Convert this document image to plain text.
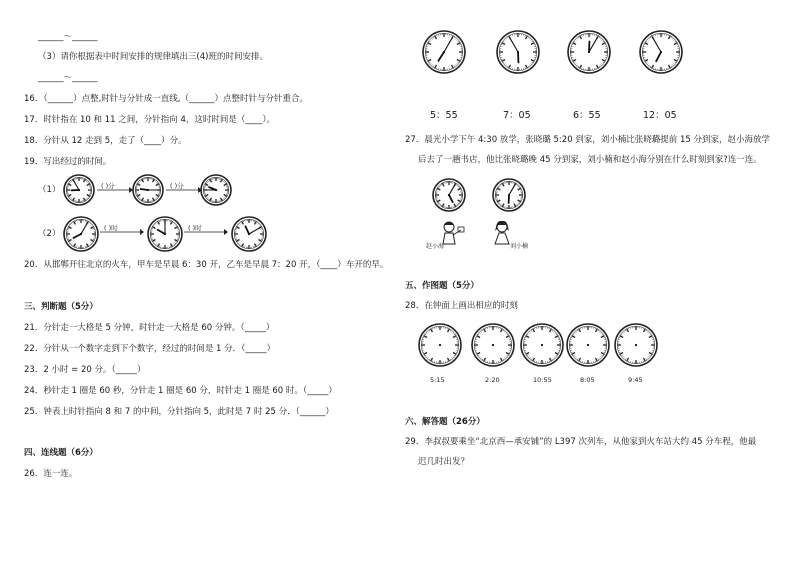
______～______
（3）请你根据表中时间安排的规律填出三(4)班的时间安排。
______～______
16．（______）点整,时针与分针成一直线,（______）点整时针与分针重合。
17．时针指在 10 和 11 之间，分针指向 4，这时时间是（____）。
18．分针从 12 走到 5，走了（____）分。
19．写出经过的时间。
（1）	( )分	( )分
（2）
( )时	( )时
20．从邯郸开往北京的火车，甲车是早晨 6：30 开，乙车是早晨 7：20 开，（____）车开的早。
三、判断题（5分）
21．分针走一大格是 5 分钟，时针走一大格是 60 分钟。（_____）
22．分针从一个数字走到下个数字，经过的时间是 1 分．（_____）
23．2 小时 = 20 分。（_____）
24．秒针走 1 圈是 60 秒，分针走 1 圈是 60 分，时针走 1 圈是 60 时。（_____）
25．钟表上时针指向 8 和 7 的中间，分针指向 5，此时是 7 时 25 分．（______）
四、连线题（6分）
26．连一连。
5：55	7：05	6：55	12：05
27．晨光小学下午 4:30 放学，张晓璐 5:20 到家，刘小楠比张晓璐提前 15 分到家，赵小海放学
后去了一趟书店，他比张晓璐晚 45 分到家，刘小楠和赵小海分别在什么时刻到家?连一连。
赵小海	刘小楠
五、作图题（5分）
28．在钟面上画出相应的时刻
5:15	2:20	10:55	8:05	9:45
六、解答题（26分）
29．李叔叔要乘坐“北京西—承安铺”的 L397 次列车，从他家到火车站大约 45 分车程，他最
迟几时出发？
